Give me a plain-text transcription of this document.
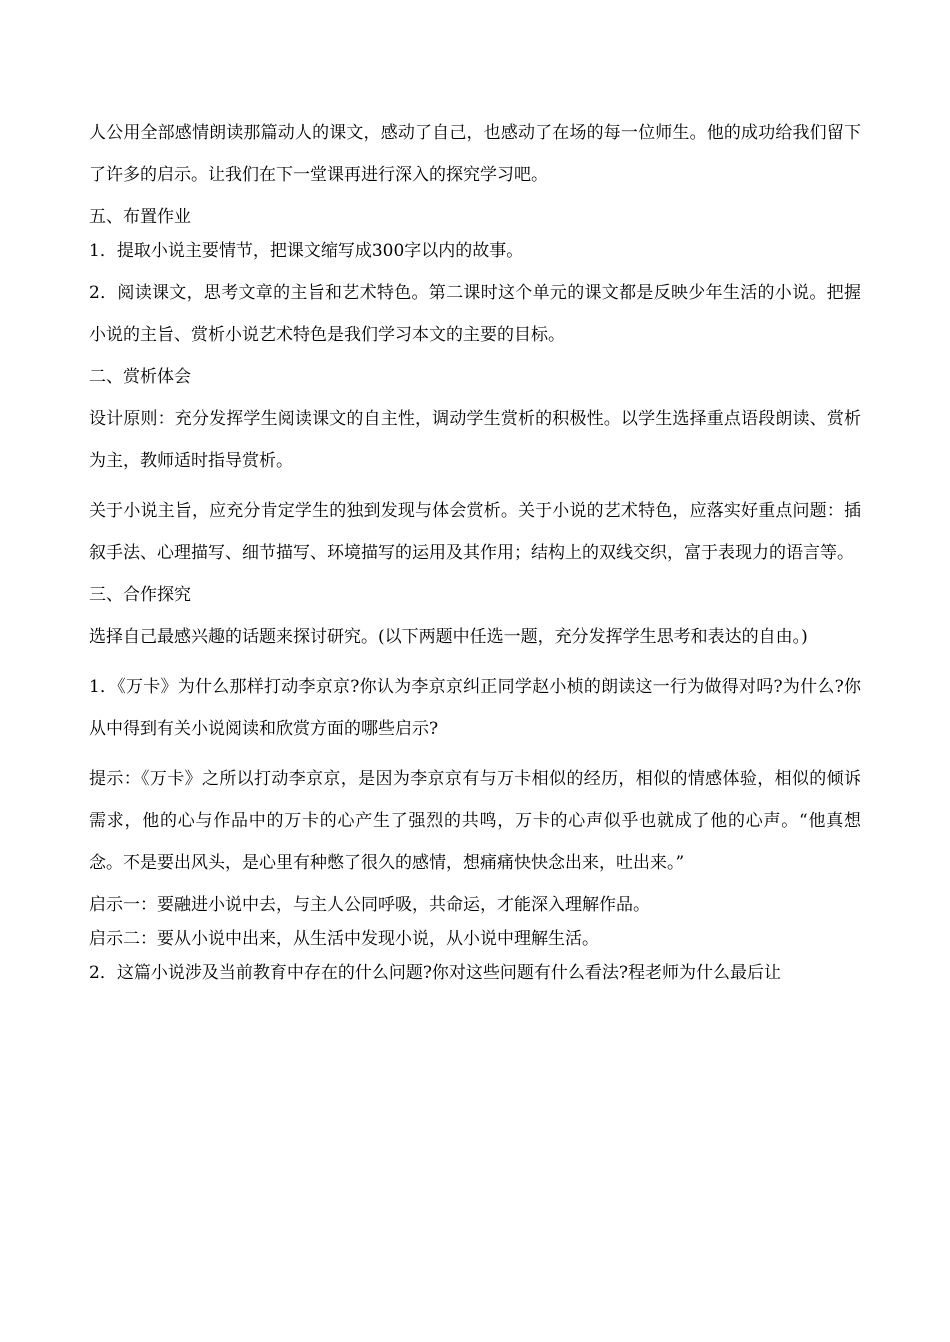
人公用全部感情朗读那篇动人的课文，感动了自己，也感动了在场的每一位师生。他的成功给我们留下了许多的启示。让我们在下一堂课再进行深入的探究学习吧。

五、布置作业

1．提取小说主要情节，把课文缩写成300字以内的故事。

2．阅读课文，思考文章的主旨和艺术特色。第二课时这个单元的课文都是反映少年生活的小说。把握小说的主旨、赏析小说艺术特色是我们学习本文的主要的目标。

二、赏析体会

设计原则：充分发挥学生阅读课文的自主性，调动学生赏析的积极性。以学生选择重点语段朗读、赏析为主，教师适时指导赏析。

关于小说主旨，应充分肯定学生的独到发现与体会赏析。关于小说的艺术特色，应落实好重点问题：插叙手法、心理描写、细节描写、环境描写的运用及其作用；结构上的双线交织，富于表现力的语言等。

三、合作探究

选择自己最感兴趣的话题来探讨研究。(以下两题中任选一题，充分发挥学生思考和表达的自由。)

1．《万卡》为什么那样打动李京京?你认为李京京纠正同学赵小桢的朗读这一行为做得对吗?为什么?你从中得到有关小说阅读和欣赏方面的哪些启示?

提示：《万卡》之所以打动李京京，是因为李京京有与万卡相似的经历，相似的情感体验，相似的倾诉需求，他的心与作品中的万卡的心产生了强烈的共鸣，万卡的心声似乎也就成了他的心声。“他真想念。不是要出风头，是心里有种憋了很久的感情，想痛痛快快念出来，吐出来。”

启示一：要融进小说中去，与主人公同呼吸，共命运，才能深入理解作品。

启示二：要从小说中出来，从生活中发现小说，从小说中理解生活。

2．这篇小说涉及当前教育中存在的什么问题?你对这些问题有什么看法?程老师为什么最后让
